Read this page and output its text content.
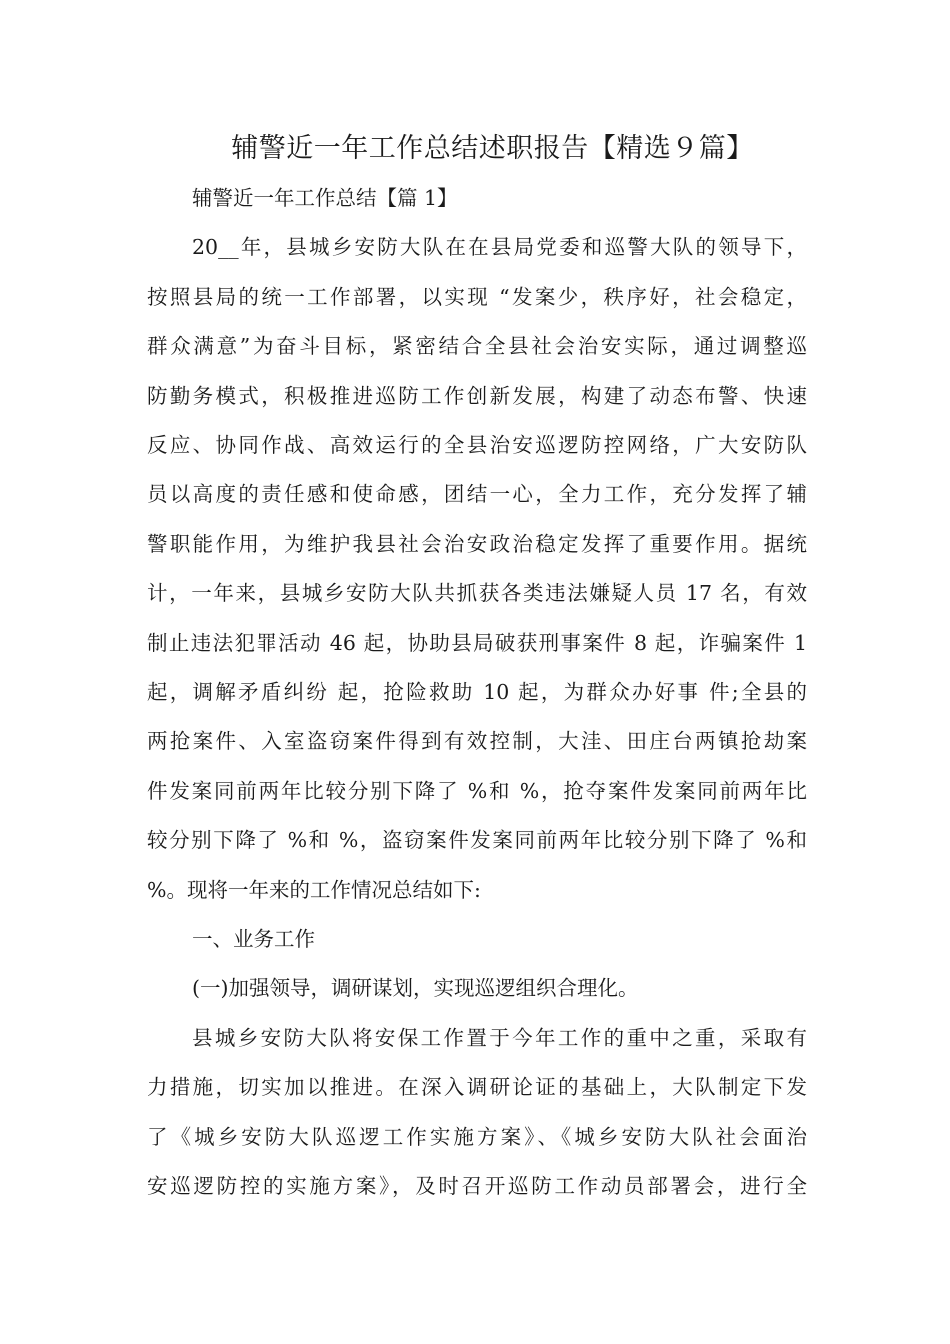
辅警近一年工作总结述职报告【精选９篇】
辅警近一年工作总结【篇 1】
20__年，县城乡安防大队在在县局党委和巡警大队的领导下，
按照县局的统一工作部署，以实现 “发案少，秩序好，社会稳定，
群众满意”为奋斗目标，紧密结合全县社会治安实际，通过调整巡
防勤务模式，积极推进巡防工作创新发展，构建了动态布警、快速
反应、协同作战、高效运行的全县治安巡逻防控网络，广大安防队
员以高度的责任感和使命感，团结一心，全力工作，充分发挥了辅
警职能作用，为维护我县社会治安政治稳定发挥了重要作用。据统
计，一年来，县城乡安防大队共抓获各类违法嫌疑人员 17 名，有效
制止违法犯罪活动 46 起，协助县局破获刑事案件 8 起，诈骗案件 1
起，调解矛盾纠纷 起，抢险救助 10 起，为群众办好事 件;全县的
两抢案件、入室盗窃案件得到有效控制，大洼、田庄台两镇抢劫案
件发案同前两年比较分别下降了 %和 %，抢夺案件发案同前两年比
较分别下降了 %和 %，盗窃案件发案同前两年比较分别下降了 %和
%。现将一年来的工作情况总结如下:
一、业务工作
(一)加强领导，调研谋划，实现巡逻组织合理化。
县城乡安防大队将安保工作置于今年工作的重中之重，采取有
力措施，切实加以推进。在深入调研论证的基础上，大队制定下发
了《城乡安防大队巡逻工作实施方案》、《城乡安防大队社会面治
安巡逻防控的实施方案》，及时召开巡防工作动员部署会，进行全
